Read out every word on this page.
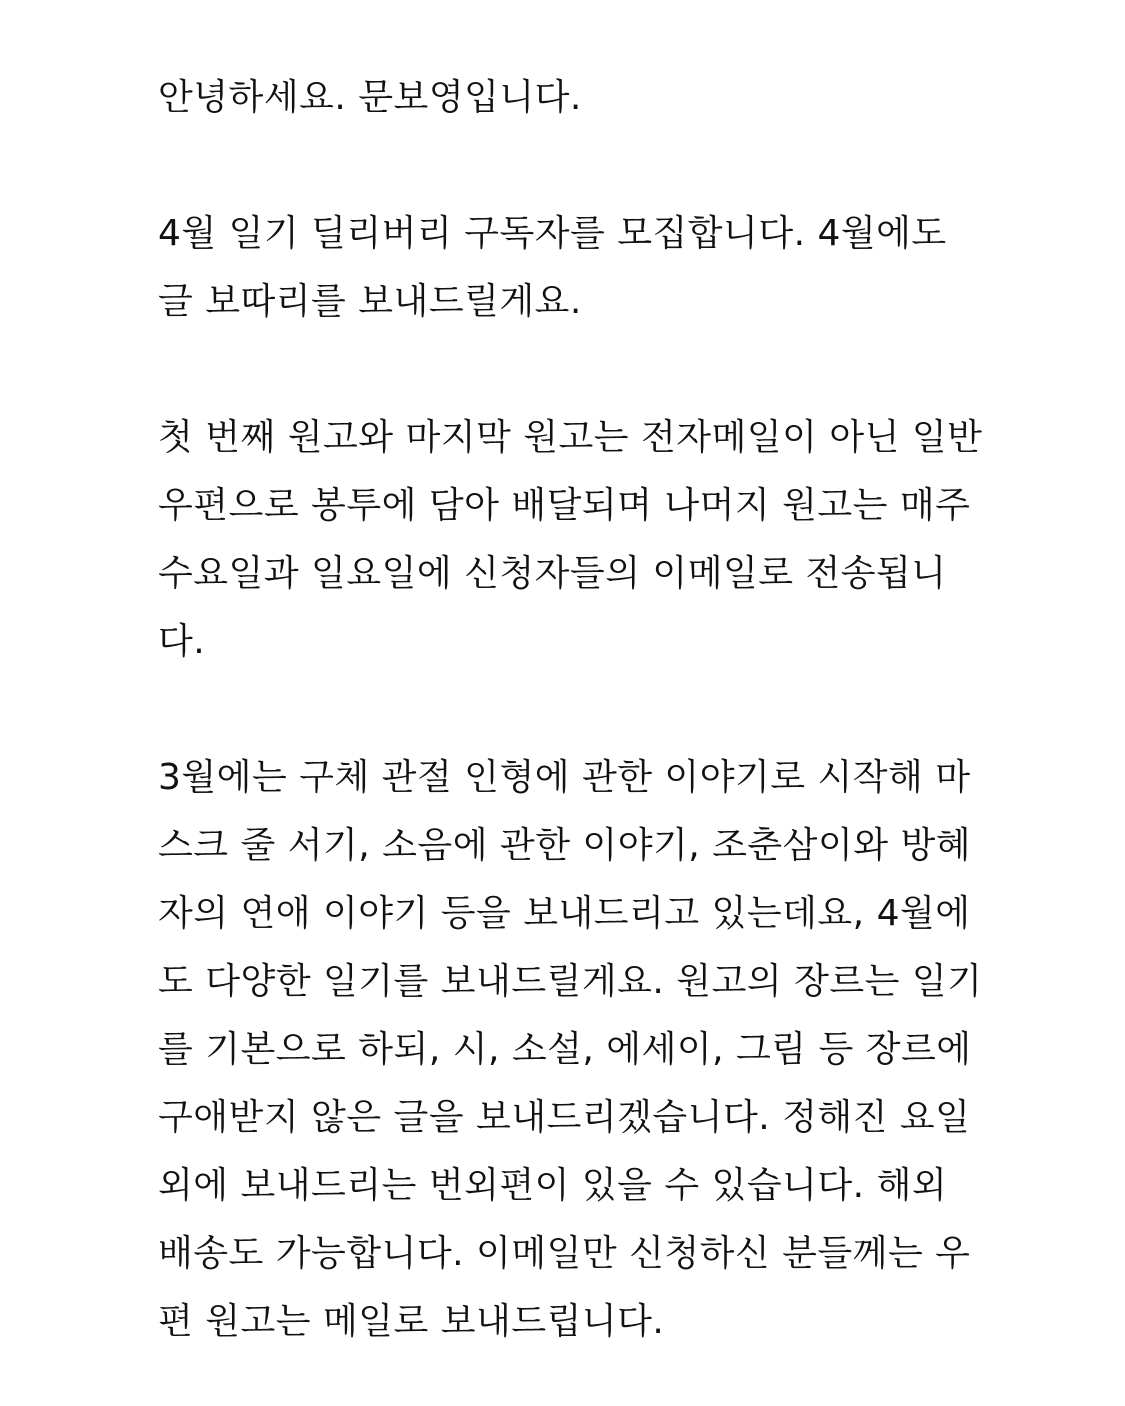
안녕하세요. 문보영입니다.
4월 일기 딜리버리 구독자를 모집합니다. 4월에도
글 보따리를 보내드릴게요.
첫 번째 원고와 마지막 원고는 전자메일이 아닌 일반
우편으로 봉투에 담아 배달되며 나머지 원고는 매주
수요일과 일요일에 신청자들의 이메일로 전송됩니
다.
3월에는 구체 관절 인형에 관한 이야기로 시작해 마
스크 줄 서기, 소음에 관한 이야기, 조춘삼이와 방혜
자의 연애 이야기 등을 보내드리고 있는데요, 4월에
도 다양한 일기를 보내드릴게요. 원고의 장르는 일기
를 기본으로 하되, 시, 소설, 에세이, 그림 등 장르에
구애받지 않은 글을 보내드리겠습니다. 정해진 요일
외에 보내드리는 번외편이 있을 수 있습니다. 해외
배송도 가능합니다. 이메일만 신청하신 분들께는 우
편 원고는 메일로 보내드립니다.
